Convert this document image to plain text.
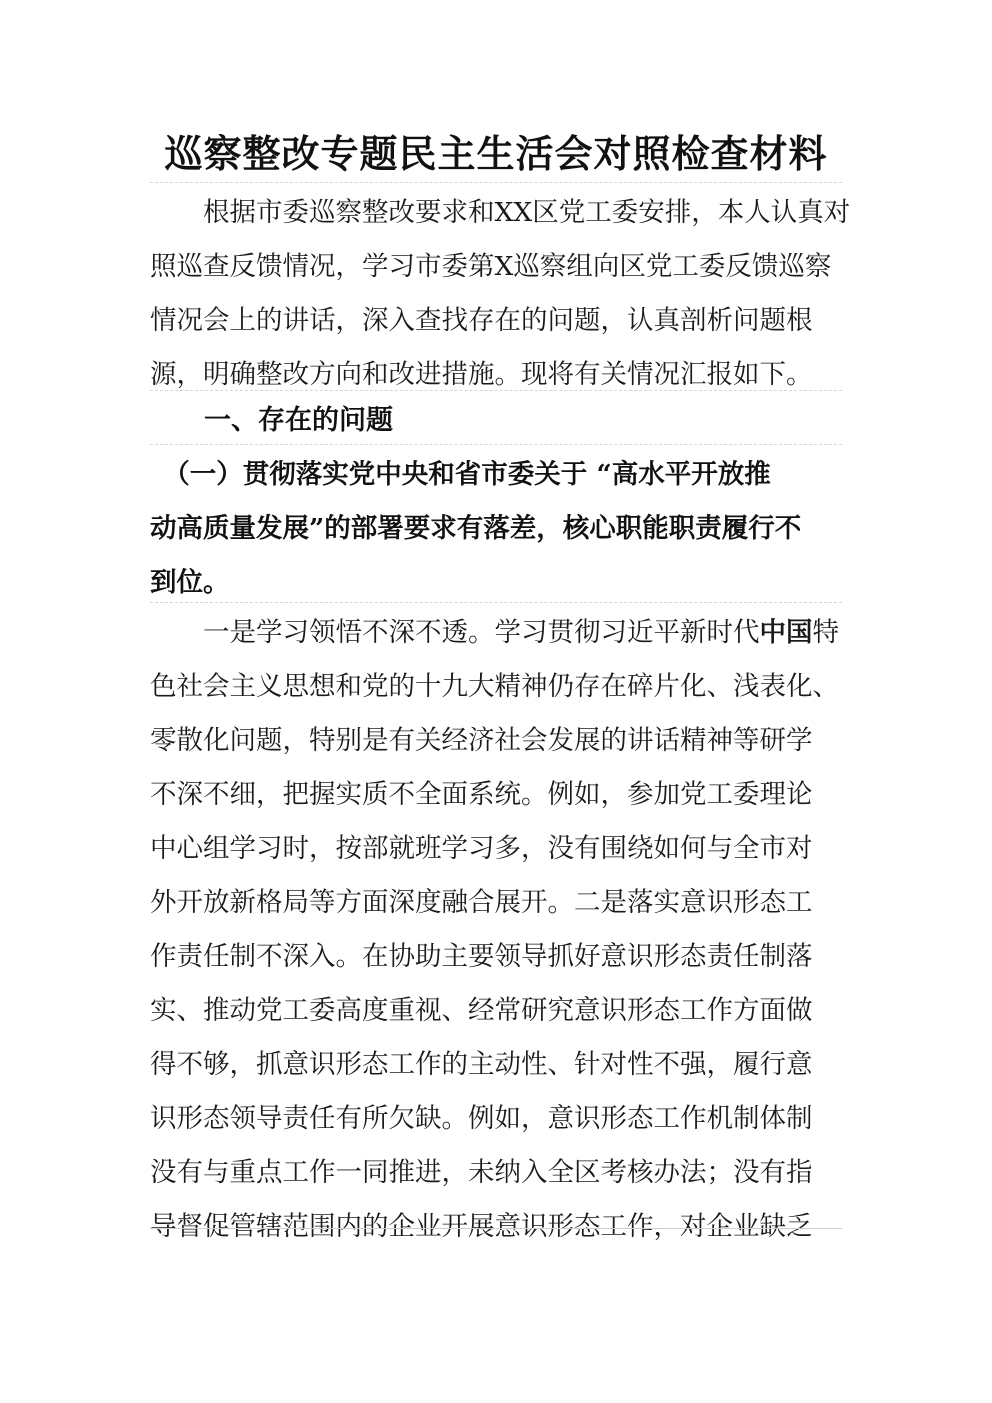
巡察整改专题民主生活会对照检查材料
　　根据市委巡察整改要求和XX区党工委安排，本人认真对
照巡查反馈情况，学习市委第X巡察组向区党工委反馈巡察
情况会上的讲话，深入查找存在的问题，认真剖析问题根
源，明确整改方向和改进措施。现将有关情况汇报如下。
　　一、存在的问题
　（一）贯彻落实党中央和省市委关于 “高水平开放推
动高质量发展”的部署要求有落差，核心职能职责履行不
到位。
　　一是学习领悟不深不透。学习贯彻习近平新时代中国特
色社会主义思想和党的十九大精神仍存在碎片化、浅表化、
零散化问题，特别是有关经济社会发展的讲话精神等研学
不深不细，把握实质不全面系统。例如，参加党工委理论
中心组学习时，按部就班学习多，没有围绕如何与全市对
外开放新格局等方面深度融合展开。二是落实意识形态工
作责任制不深入。在协助主要领导抓好意识形态责任制落
实、推动党工委高度重视、经常研究意识形态工作方面做
得不够，抓意识形态工作的主动性、针对性不强，履行意
识形态领导责任有所欠缺。例如，意识形态工作机制体制
没有与重点工作一同推进，未纳入全区考核办法；没有指
导督促管辖范围内的企业开展意识形态工作，对企业缺乏
